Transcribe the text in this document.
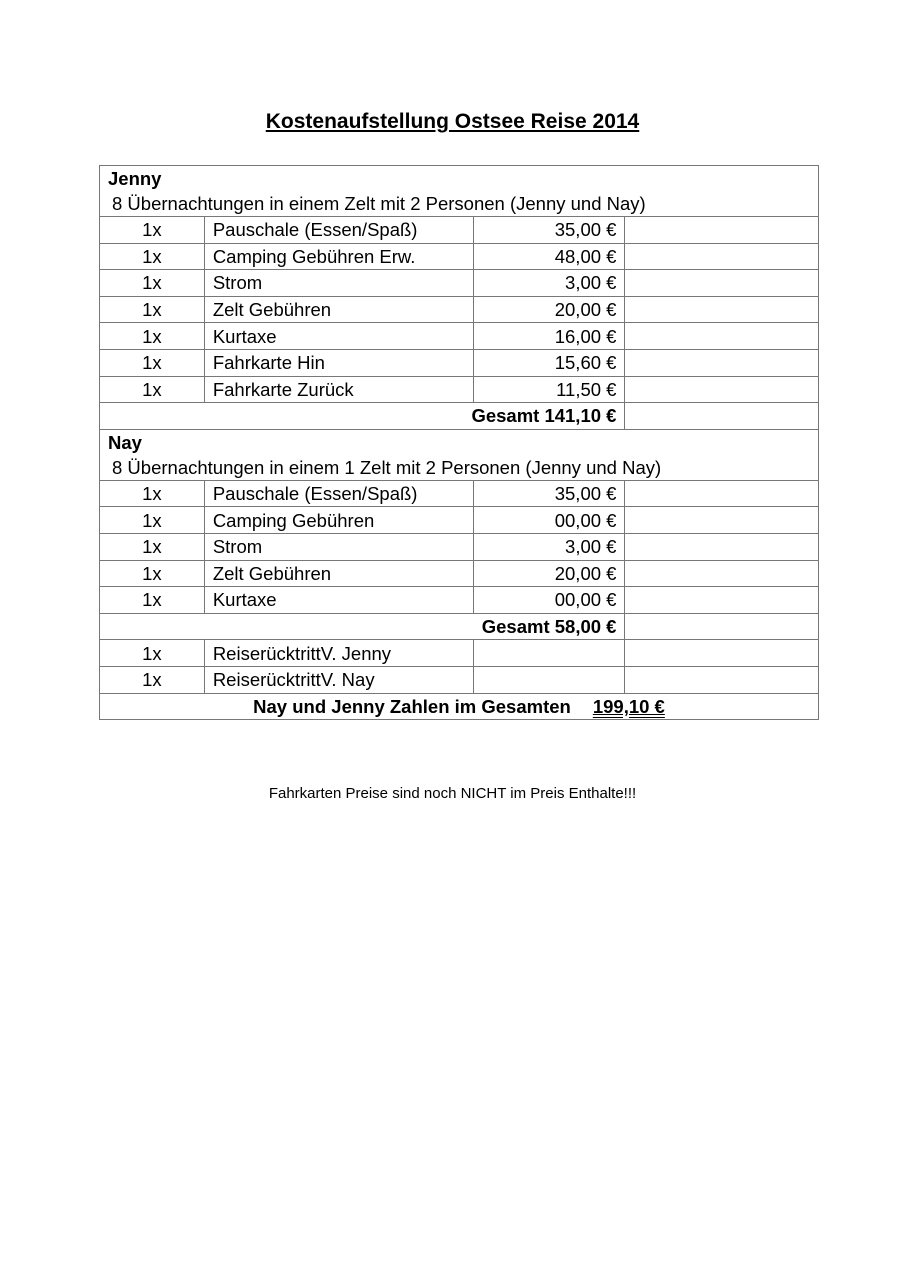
Kostenaufstellung Ostsee Reise 2014
Jenny
8 Übernachtungen in einem Zelt mit 2 Personen (Jenny und Nay)			

1x	Pauschale (Essen/Spaß)	35,00 €	
1x	Camping Gebühren Erw.	48,00 €	
1x	Strom	3,00 €	
1x	Zelt Gebühren	20,00 €	
1x	Kurtaxe	16,00 €	
1x	Fahrkarte Hin	15,60 €	
1x	Fahrkarte Zurück	11,50 €	
Gesamt 141,10 €			

Nay
8 Übernachtungen in einem 1 Zelt mit 2 Personen (Jenny und Nay)			

1x	Pauschale (Essen/Spaß)	35,00 €	
1x	Camping Gebühren	00,00 €	
1x	Strom	3,00 €	
1x	Zelt Gebühren	20,00 €	
1x	Kurtaxe	00,00 €	
Gesamt 58,00 €			
1x	ReiserücktrittV. Jenny		
1x	ReiserücktrittV. Nay		
Nay und Jenny Zahlen im Gesamten 199,10 €			
Fahrkarten Preise sind noch NICHT im Preis Enthalte!!!
